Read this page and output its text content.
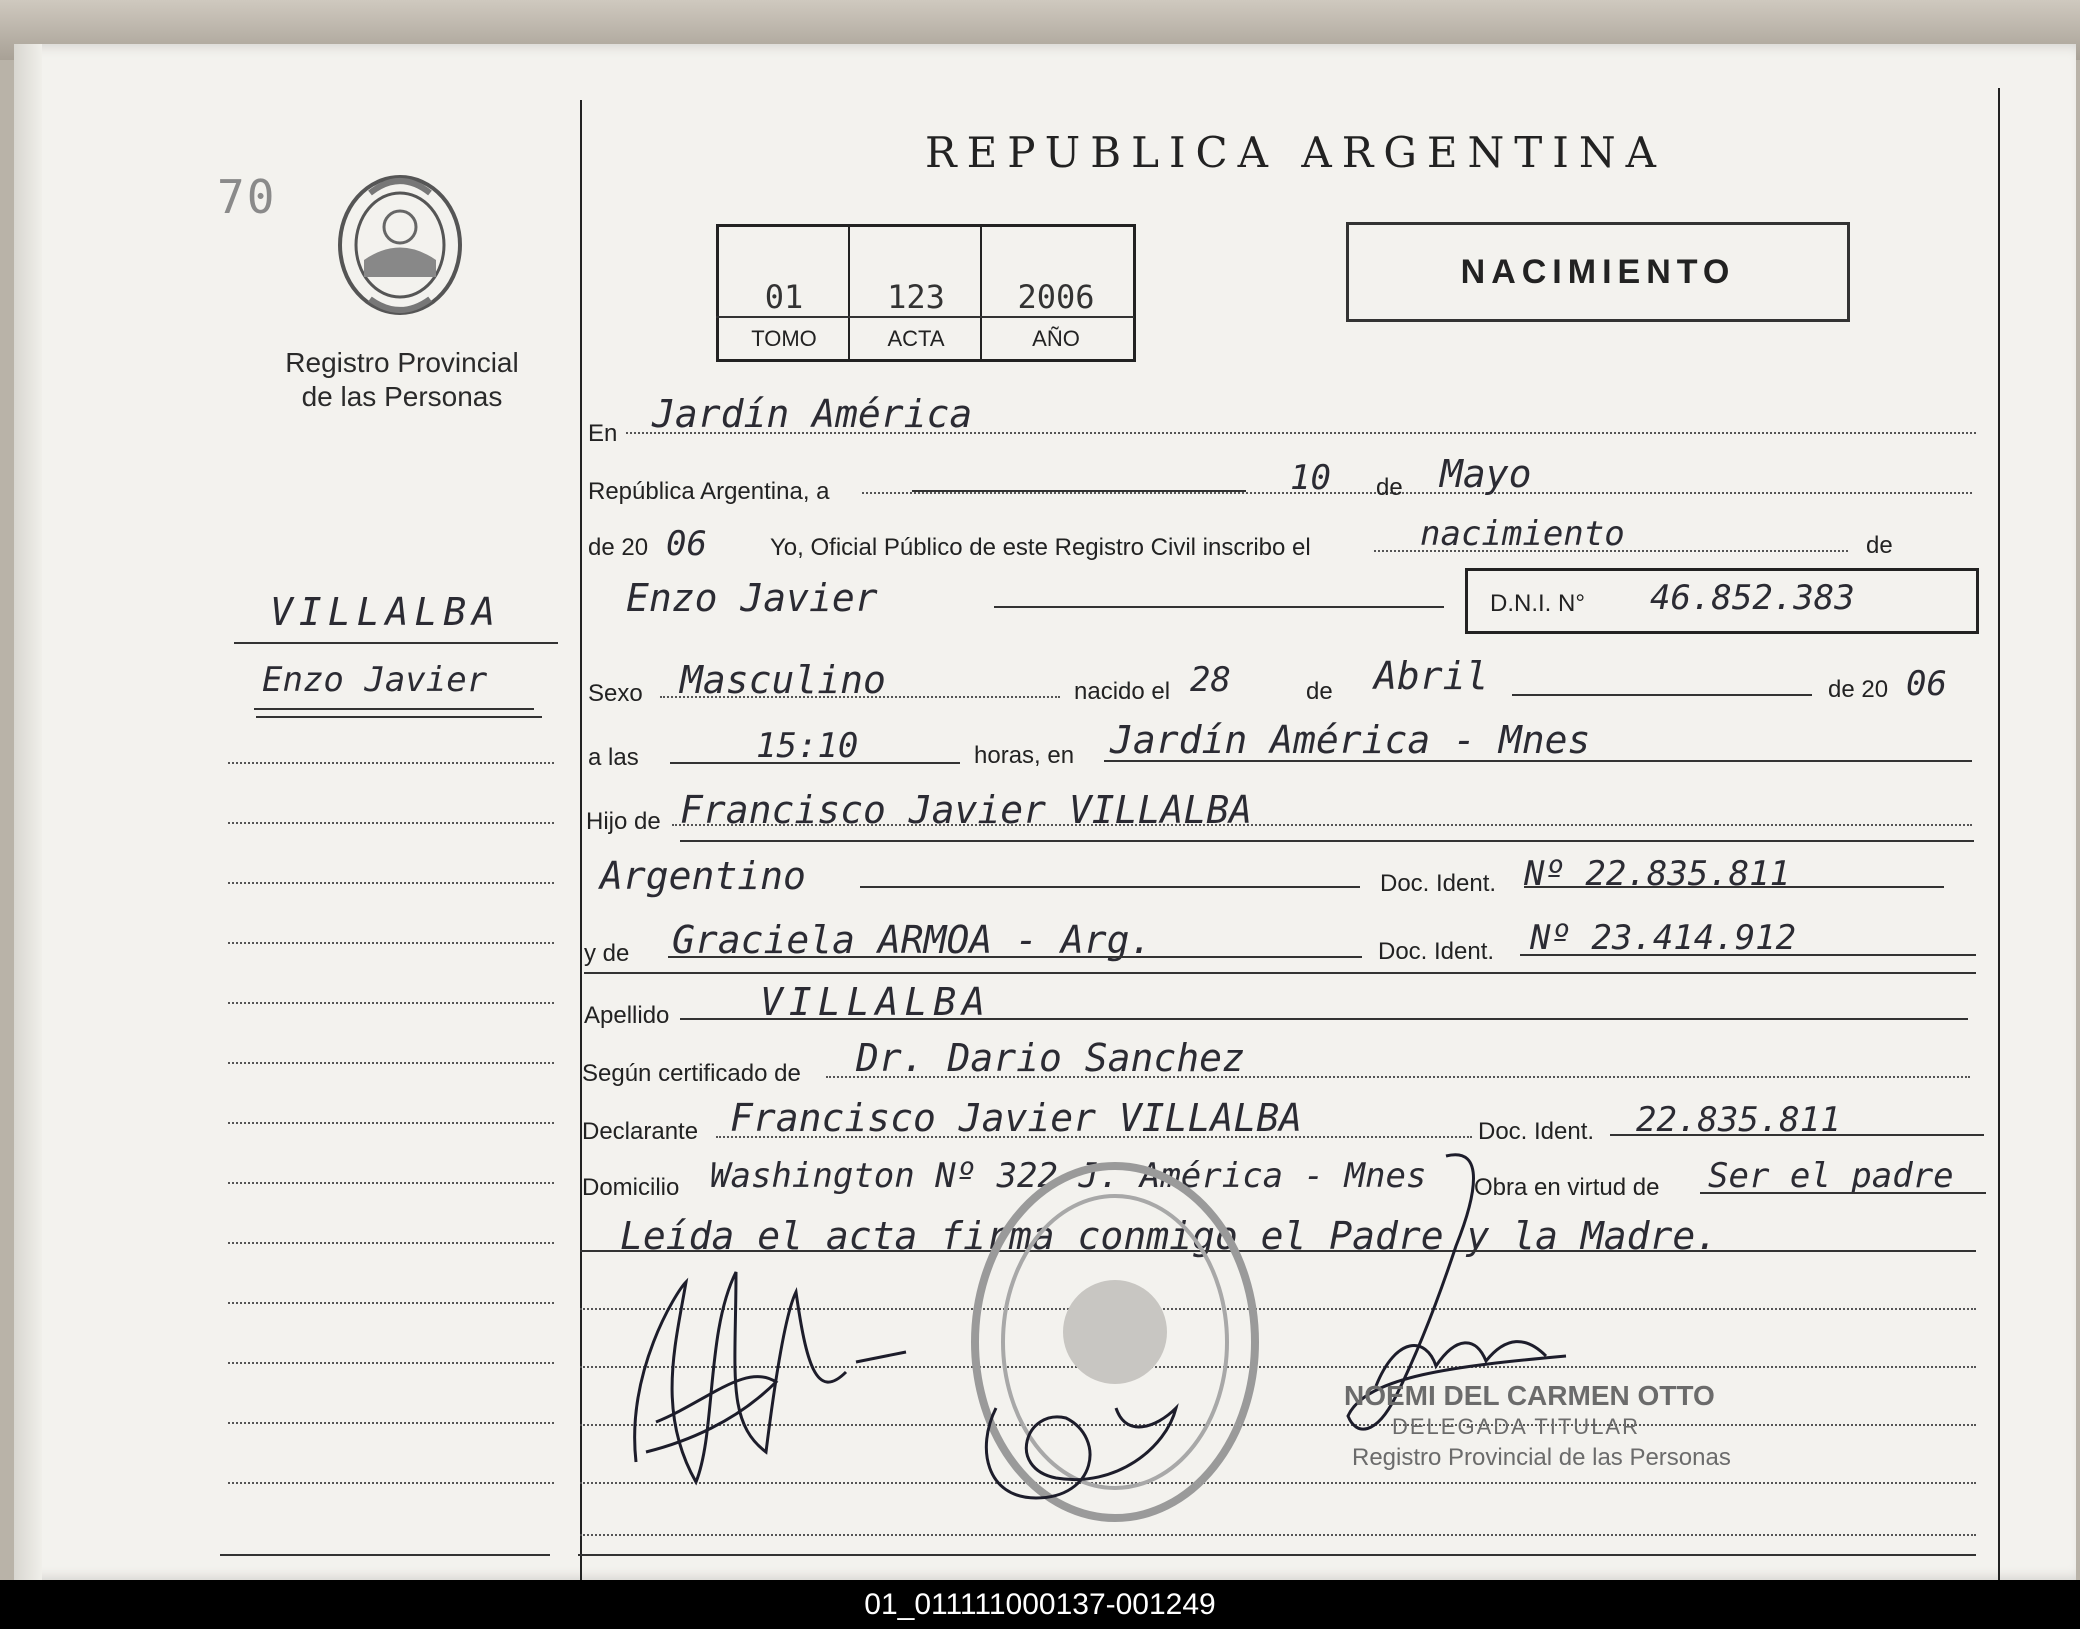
70
Registro Provincial
de las Personas
VILLALBA
Enzo Javier
REPUBLICA ARGENTINA
01	123	2006
TOMO	ACTA	AÑO
NACIMIENTO
En Jardín América
República Argentina, a	10 de Mayo
de 20 06	Yo, Oficial Público de este Registro Civil inscribo el	nacimiento	de
Enzo Javier	D.N.I. N° 46.852.383
Sexo Masculino	nacido el 28	de Abril	de 20 06
a las	15:10	horas, en Jardín América - Mnes
Hijo de Francisco Javier VILLALBA
Argentino	Doc. Ident. Nº 22.835.811
y de Graciela ARMOA - Arg.	Doc. Ident. Nº 23.414.912
Apellido VILLALBA
Según certificado de Dr. Dario Sanchez
Declarante Francisco Javier VILLALBA	Doc. Ident. 22.835.811
Domicilio Washington Nº 322 J. América - Mnes Obra en virtud de Ser el padre
Leída el acta firma conmigo el Padre y la Madre.
NOEMI DEL CARMEN OTTO
DELEGADA TITULAR
Registro Provincial de las Personas
01_011111000137-001249
